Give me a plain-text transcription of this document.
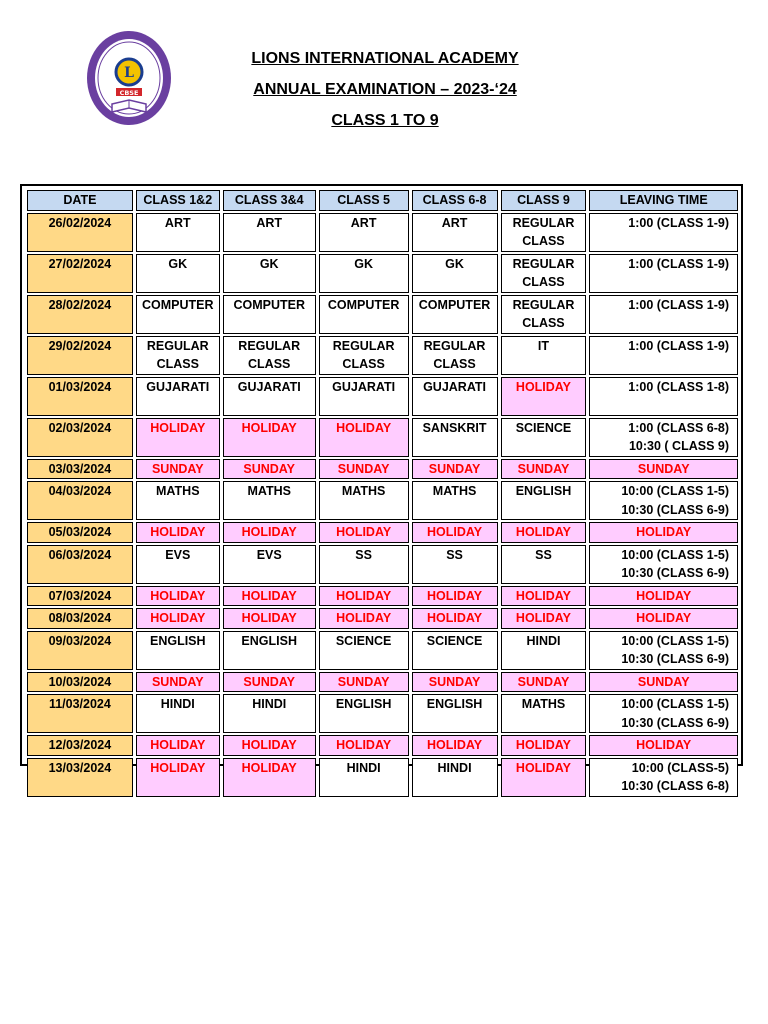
L
CBSE
LIONS INTERNATIONAL ACADEMY
ANNUAL EXAMINATION – 2023-‘24
CLASS 1 TO 9
DATE	CLASS 1&2	CLASS 3&4	CLASS 5	CLASS 6-8	CLASS 9	LEAVING TIME
26/02/2024	ART	ART	ART	ART	REGULAR CLASS	1:00 (CLASS 1-9)
27/02/2024	GK	GK	GK	GK	REGULAR CLASS	1:00 (CLASS 1-9)
28/02/2024	COMPUTER	COMPUTER	COMPUTER	COMPUTER	REGULAR CLASS	1:00 (CLASS 1-9)
29/02/2024	REGULAR CLASS	REGULAR CLASS	REGULAR CLASS	REGULAR CLASS	IT	1:00 (CLASS 1-9)
01/03/2024	GUJARATI	GUJARATI	GUJARATI	GUJARATI	HOLIDAY	1:00 (CLASS 1-8)
02/03/2024	HOLIDAY	HOLIDAY	HOLIDAY	SANSKRIT	SCIENCE	1:00 (CLASS 6-8)
10:30 ( CLASS 9)
03/03/2024	SUNDAY	SUNDAY	SUNDAY	SUNDAY	SUNDAY	SUNDAY
04/03/2024	MATHS	MATHS	MATHS	MATHS	ENGLISH	10:00 (CLASS 1-5)
10:30 (CLASS 6-9)
05/03/2024	HOLIDAY	HOLIDAY	HOLIDAY	HOLIDAY	HOLIDAY	HOLIDAY
06/03/2024	EVS	EVS	SS	SS	SS	10:00 (CLASS 1-5)
10:30 (CLASS 6-9)
07/03/2024	HOLIDAY	HOLIDAY	HOLIDAY	HOLIDAY	HOLIDAY	HOLIDAY
08/03/2024	HOLIDAY	HOLIDAY	HOLIDAY	HOLIDAY	HOLIDAY	HOLIDAY
09/03/2024	ENGLISH	ENGLISH	SCIENCE	SCIENCE	HINDI	10:00 (CLASS 1-5)
10:30 (CLASS 6-9)
10/03/2024	SUNDAY	SUNDAY	SUNDAY	SUNDAY	SUNDAY	SUNDAY
11/03/2024	HINDI	HINDI	ENGLISH	ENGLISH	MATHS	10:00 (CLASS 1-5)
10:30 (CLASS 6-9)
12/03/2024	HOLIDAY	HOLIDAY	HOLIDAY	HOLIDAY	HOLIDAY	HOLIDAY
13/03/2024	HOLIDAY	HOLIDAY	HINDI	HINDI	HOLIDAY	10:00 (CLASS-5)
10:30 (CLASS 6-8)
